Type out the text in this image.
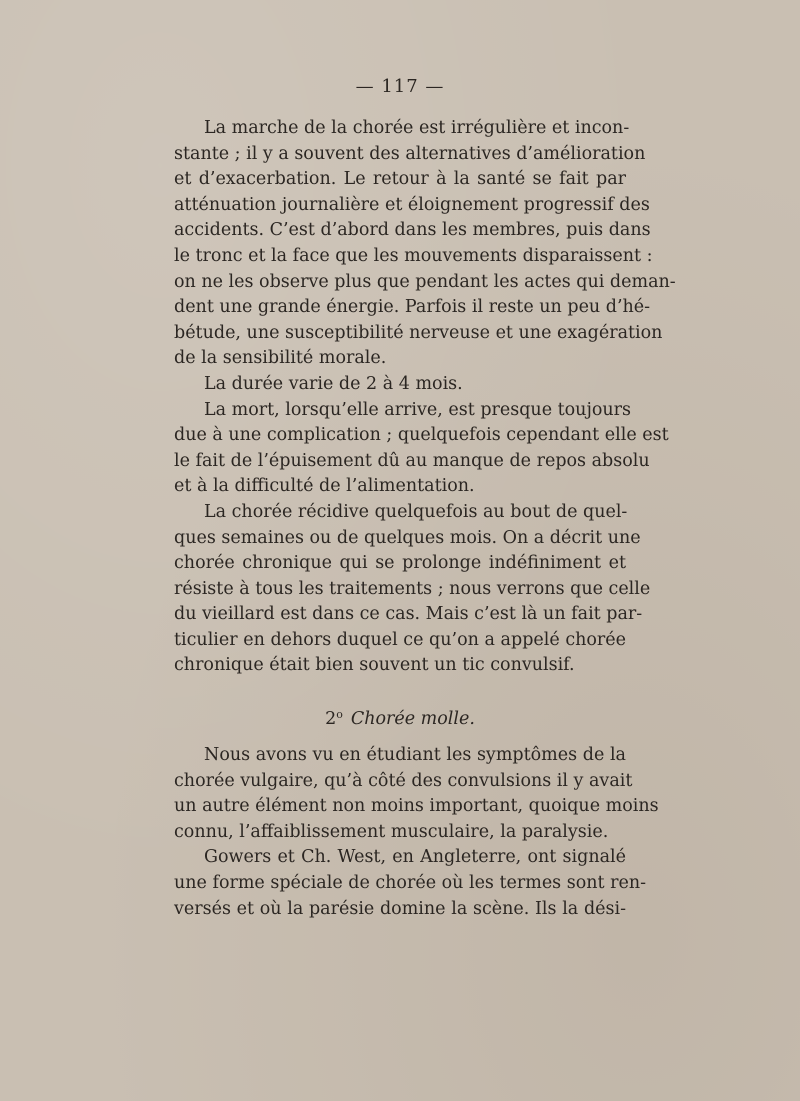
— 117 —
La marche de la chorée est irrégulière et incon-
stante ; il y a souvent des alternatives d’amélioration
et d’exacerbation. Le retour à la santé se fait par
atténuation journalière et éloignement progressif des
accidents. C’est d’abord dans les membres, puis dans
le tronc et la face que les mouvements disparaissent :
on ne les observe plus que pendant les actes qui deman-
dent une grande énergie. Parfois il reste un peu d’hé-
bétude, une susceptibilité nerveuse et une exagération
de la sensibilité morale.
La durée varie de 2 à 4 mois.
La mort, lorsqu’elle arrive, est presque toujours
due à une complication ; quelquefois cependant elle est
le fait de l’épuisement dû au manque de repos absolu
et à la difficulté de l’alimentation.
La chorée récidive quelquefois au bout de quel-
ques semaines ou de quelques mois. On a décrit une
chorée chronique qui se prolonge indéfiniment et
résiste à tous les traitements ; nous verrons que celle
du vieillard est dans ce cas. Mais c’est là un fait par-
ticulier en dehors duquel ce qu’on a appelé chorée
chronique était bien souvent un tic convulsif.
2$^o$ Chorée molle.
Nous avons vu en étudiant les symptômes de la
chorée vulgaire, qu’à côté des convulsions il y avait
un autre élément non moins important, quoique moins
connu, l’affaiblissement musculaire, la paralysie.
Gowers et Ch. West, en Angleterre, ont signalé
une forme spéciale de chorée où les termes sont ren-
versés et où la parésie domine la scène. Ils la dési-
